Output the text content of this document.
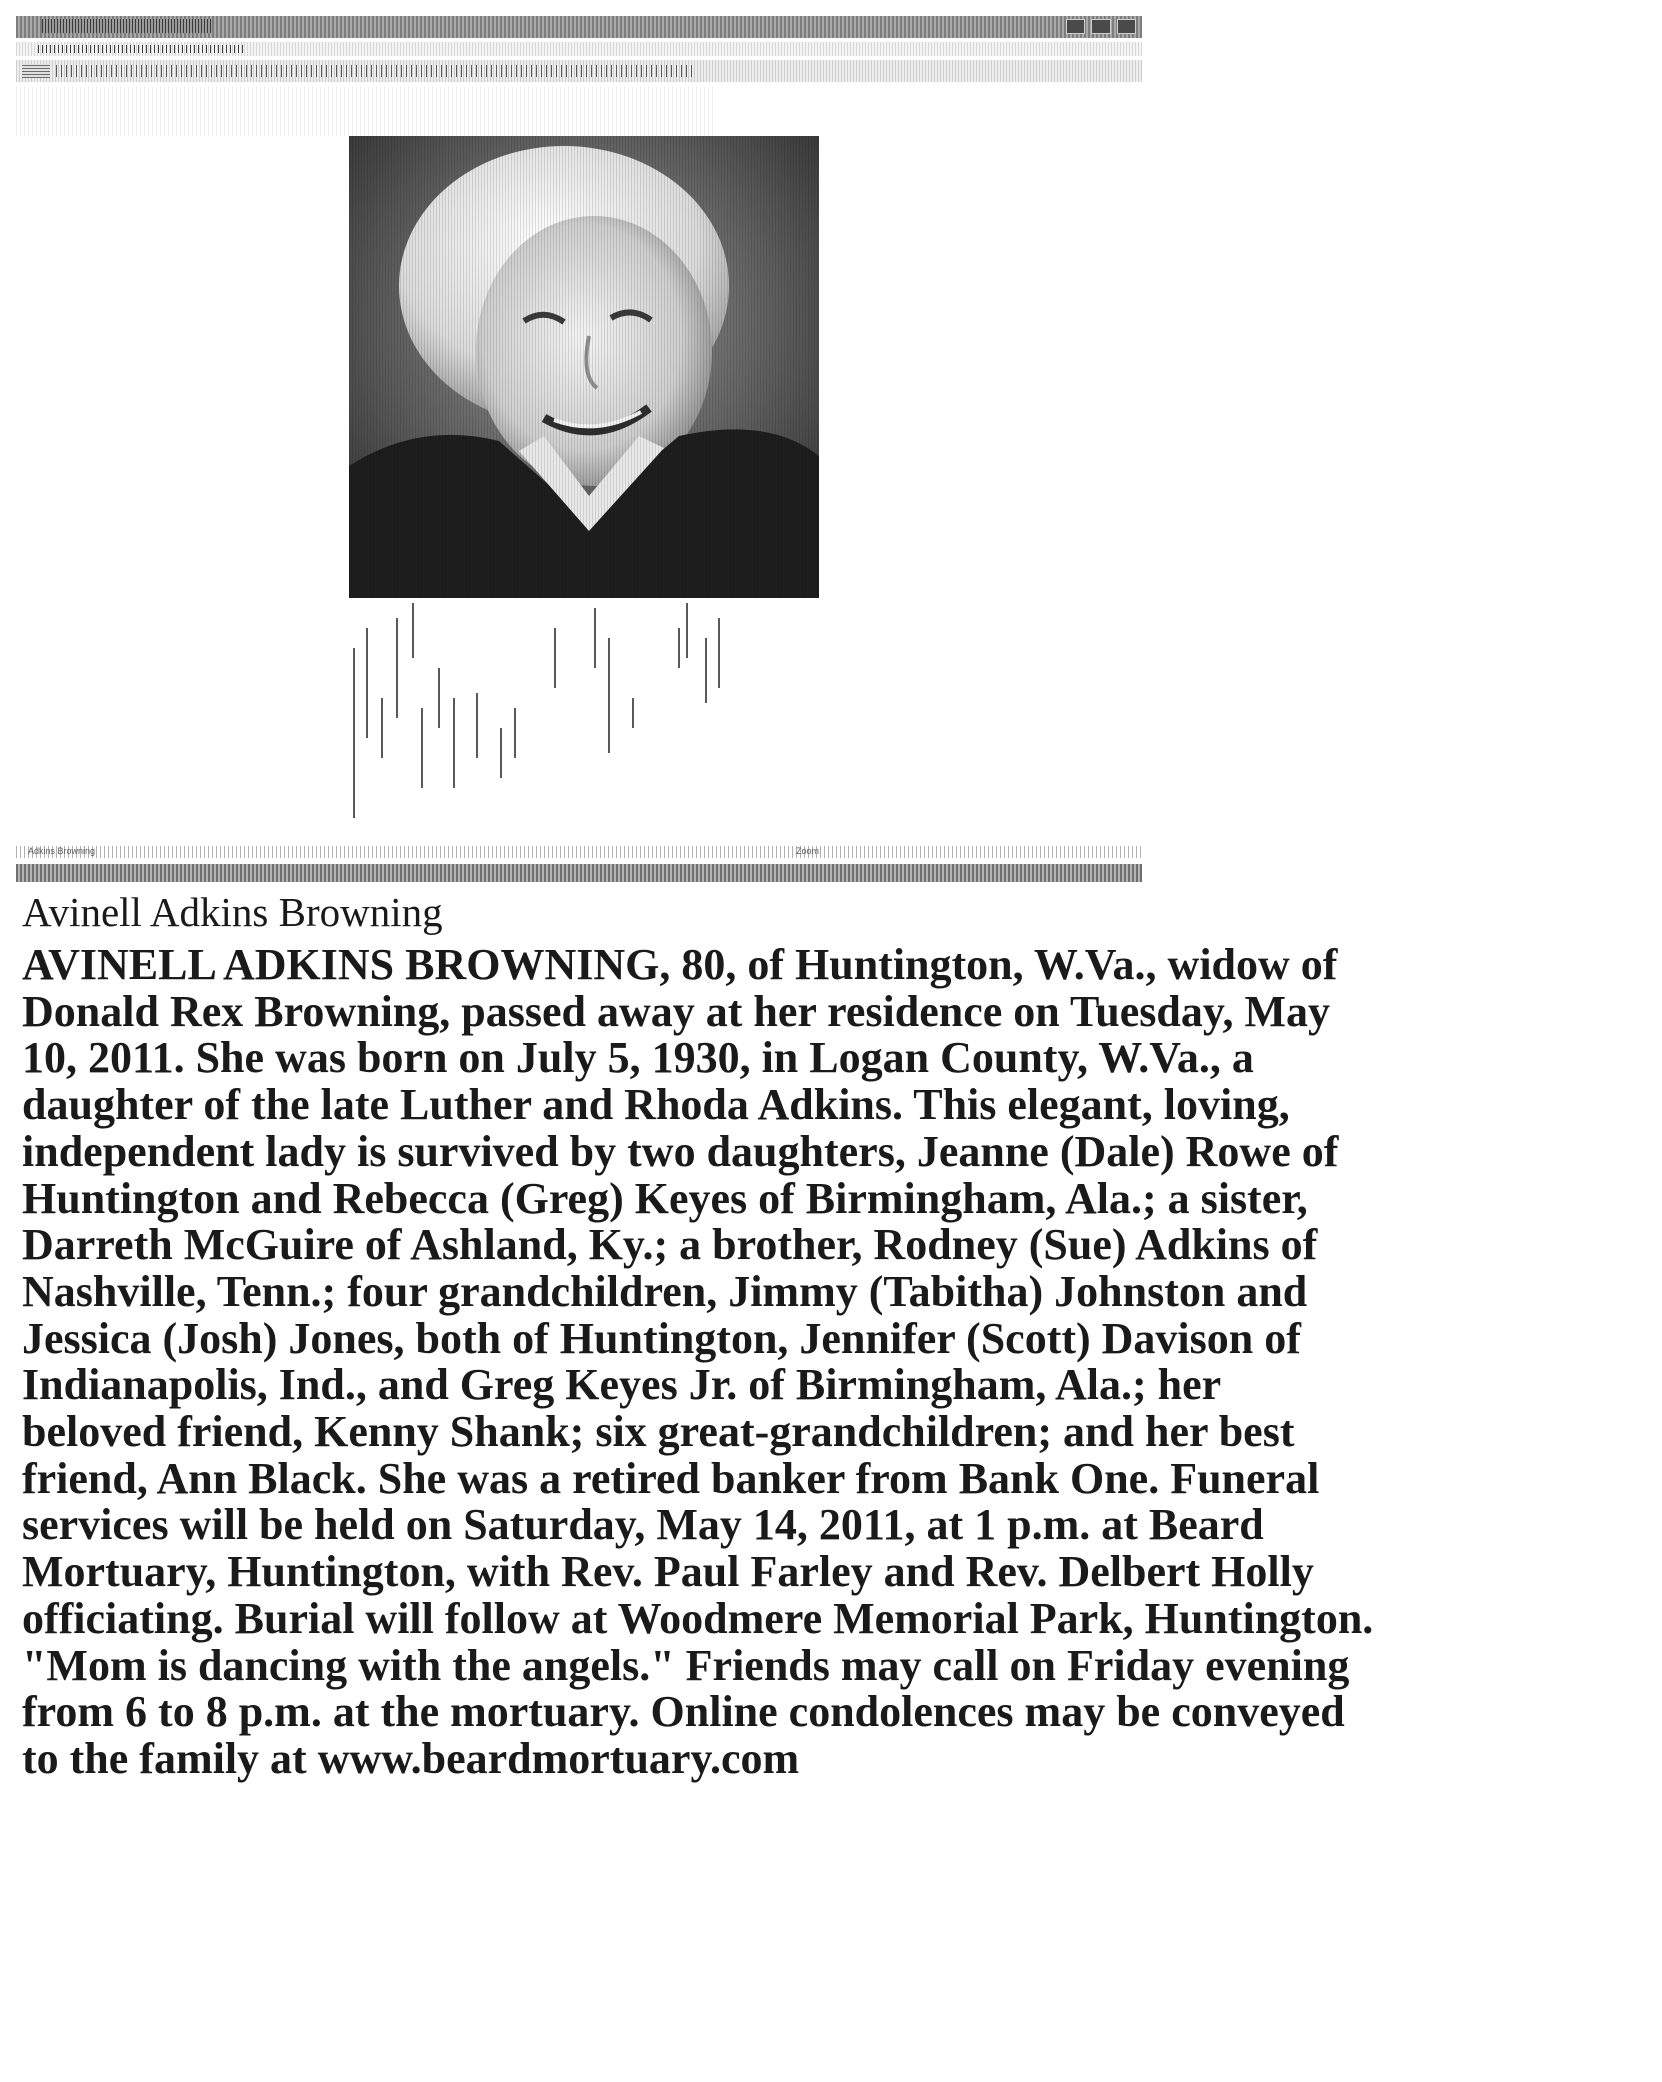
Adkins Browning	Zoom
Avinell Adkins Browning

AVINELL ADKINS BROWNING, 80, of Huntington, W.Va., widow of
Donald Rex Browning, passed away at her residence on Tuesday, May
10, 2011. She was born on July 5, 1930, in Logan County, W.Va., a
daughter of the late Luther and Rhoda Adkins. This elegant, loving,
independent lady is survived by two daughters, Jeanne (Dale) Rowe of
Huntington and Rebecca (Greg) Keyes of Birmingham, Ala.; a sister,
Darreth McGuire of Ashland, Ky.; a brother, Rodney (Sue) Adkins of
Nashville, Tenn.; four grandchildren, Jimmy (Tabitha) Johnston and
Jessica (Josh) Jones, both of Huntington, Jennifer (Scott) Davison of
Indianapolis, Ind., and Greg Keyes Jr. of Birmingham, Ala.; her
beloved friend, Kenny Shank; six great-grandchildren; and her best
friend, Ann Black. She was a retired banker from Bank One. Funeral
services will be held on Saturday, May 14, 2011, at 1 p.m. at Beard
Mortuary, Huntington, with Rev. Paul Farley and Rev. Delbert Holly
officiating. Burial will follow at Woodmere Memorial Park, Huntington.
"Mom is dancing with the angels." Friends may call on Friday evening
from 6 to 8 p.m. at the mortuary. Online condolences may be conveyed
to the family at www.beardmortuary.com
